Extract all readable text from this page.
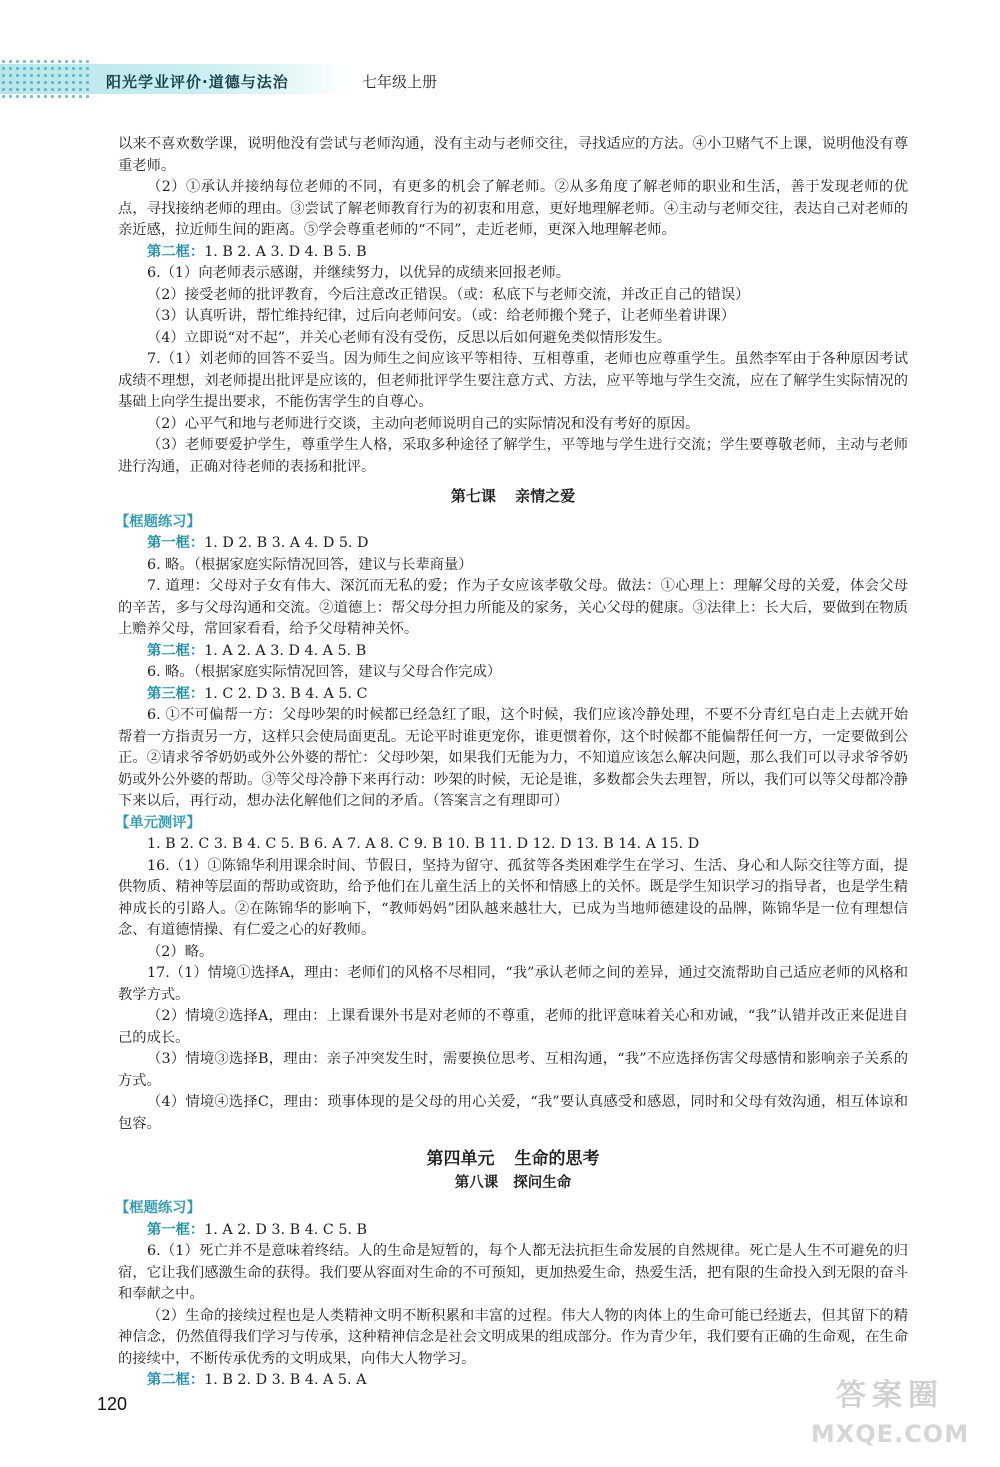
阳光学业评价·道德与法治	七年级上册

以来不喜欢数学课，说明他没有尝试与老师沟通，没有主动与老师交往，寻找适应的方法。④小卫赌气不上课，说明他没有尊重老师。

（2）①承认并接纳每位老师的不同，有更多的机会了解老师。②从多角度了解老师的职业和生活，善于发现老师的优点，寻找接纳老师的理由。③尝试了解老师教育行为的初衷和用意，更好地理解老师。④主动与老师交往，表达自己对老师的亲近感，拉近师生间的距离。⑤学会尊重老师的“不同”，走近老师，更深入地理解老师。

第二框：1. B 2. A 3. D 4. B 5. B

6.（1）向老师表示感谢，并继续努力，以优异的成绩来回报老师。

（2）接受老师的批评教育，今后注意改正错误。（或：私底下与老师交流，并改正自己的错误）

（3）认真听讲，帮忙维持纪律，过后向老师问安。（或：给老师搬个凳子，让老师坐着讲课）

（4）立即说“对不起”，并关心老师有没有受伤，反思以后如何避免类似情形发生。

7.（1）刘老师的回答不妥当。因为师生之间应该平等相待、互相尊重，老师也应尊重学生。虽然李军由于各种原因考试成绩不理想，刘老师提出批评是应该的，但老师批评学生要注意方式、方法，应平等地与学生交流，应在了解学生实际情况的基础上向学生提出要求，不能伤害学生的自尊心。

（2）心平气和地与老师进行交谈，主动向老师说明自己的实际情况和没有考好的原因。

（3）老师要爱护学生，尊重学生人格，采取多种途径了解学生，平等地与学生进行交流；学生要尊敬老师，主动与老师进行沟通，正确对待老师的表扬和批评。

第七课 亲情之爱

【框题练习】

第一框：1. D 2. B 3. A 4. D 5. D

6. 略。（根据家庭实际情况回答，建议与长辈商量）

7. 道理：父母对子女有伟大、深沉而无私的爱；作为子女应该孝敬父母。做法：①心理上：理解父母的关爱，体会父母的辛苦，多与父母沟通和交流。②道德上：帮父母分担力所能及的家务，关心父母的健康。③法律上：长大后，要做到在物质上赡养父母，常回家看看，给予父母精神关怀。

第二框：1. A 2. A 3. D 4. A 5. B

6. 略。（根据家庭实际情况回答，建议与父母合作完成）

第三框：1. C 2. D 3. B 4. A 5. C

6. ①不可偏帮一方：父母吵架的时候都已经急红了眼，这个时候，我们应该冷静处理，不要不分青红皂白走上去就开始帮着一方指责另一方，这样只会使局面更乱。无论平时谁更宠你，谁更惯着你，这个时候都不能偏帮任何一方，一定要做到公正。②请求爷爷奶奶或外公外婆的帮忙：父母吵架，如果我们无能为力，不知道应该怎么解决问题，那么我们可以寻求爷爷奶奶或外公外婆的帮助。③等父母冷静下来再行动：吵架的时候，无论是谁，多数都会失去理智，所以，我们可以等父母都冷静下来以后，再行动，想办法化解他们之间的矛盾。（答案言之有理即可）

【单元测评】

1. B 2. C 3. B 4. C 5. B 6. A 7. A 8. C 9. B 10. B 11. D 12. D 13. B 14. A 15. D

16.（1）①陈锦华利用课余时间、节假日，坚持为留守、孤贫等各类困难学生在学习、生活、身心和人际交往等方面，提供物质、精神等层面的帮助或资助，给予他们在儿童生活上的关怀和情感上的关怀。既是学生知识学习的指导者，也是学生精神成长的引路人。②在陈锦华的影响下，“教师妈妈”团队越来越壮大，已成为当地师德建设的品牌，陈锦华是一位有理想信念、有道德情操、有仁爱之心的好教师。

（2）略。

17.（1）情境①选择A，理由：老师们的风格不尽相同，“我”承认老师之间的差异，通过交流帮助自己适应老师的风格和教学方式。

（2）情境②选择A，理由：上课看课外书是对老师的不尊重，老师的批评意味着关心和劝诫，“我”认错并改正来促进自己的成长。

（3）情境③选择B，理由：亲子冲突发生时，需要换位思考、互相沟通，“我”不应选择伤害父母感情和影响亲子关系的方式。

（4）情境④选择C，理由：琐事体现的是父母的用心关爱，“我”要认真感受和感恩，同时和父母有效沟通，相互体谅和包容。

第四单元 生命的思考

第八课 探问生命

【框题练习】

第一框：1. A 2. D 3. B 4. C 5. B

6.（1）死亡并不是意味着终结。人的生命是短暂的，每个人都无法抗拒生命发展的自然规律。死亡是人生不可避免的归宿，它让我们感激生命的获得。我们要从容面对生命的不可预知，更加热爱生命，热爱生活，把有限的生命投入到无限的奋斗和奉献之中。

（2）生命的接续过程也是人类精神文明不断积累和丰富的过程。伟大人物的肉体上的生命可能已经逝去，但其留下的精神信念，仍然值得我们学习与传承，这种精神信念是社会文明成果的组成部分。作为青少年，我们要有正确的生命观，在生命的接续中，不断传承优秀的文明成果，向伟大人物学习。

第二框：1. B 2. D 3. B 4. A 5. A

120	答案圈
MXQE.COM
